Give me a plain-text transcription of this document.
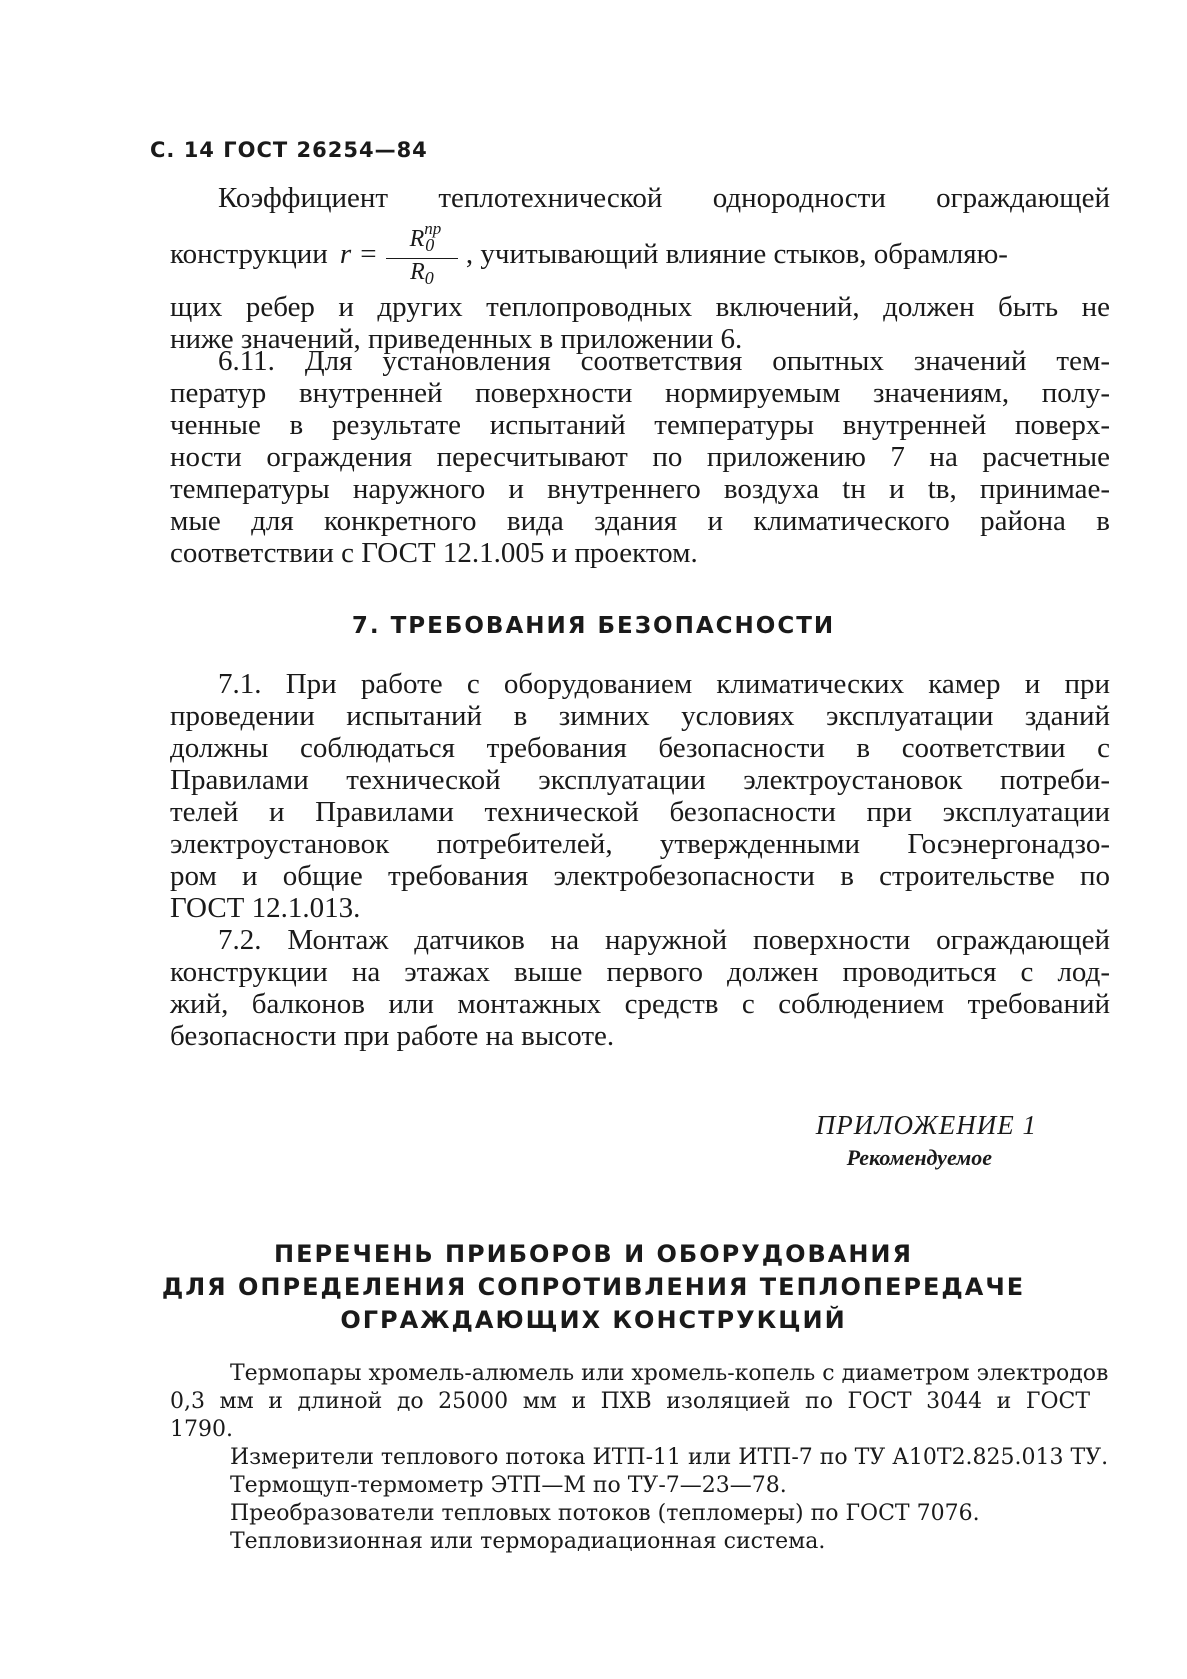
С. 14 ГОСТ 26254—84
Коэффициент теплотехнической однородности ограждающей
конструкции $r = \frac{R^{пр}_0}{R_0}$ , учитывающий влияние стыков, обрамляю-
щих ребер и других теплопроводных включений, должен быть не
ниже значений, приведенных в приложении 6.
6.11. Для установления соответствия опытных значений тем-
ператур внутренней поверхности нормируемым значениям, полу-
ченные в результате испытаний температуры внутренней поверх-
ности ограждения пересчитывают по приложению 7 на расчетные
температуры наружного и внутреннего воздуха tн и tв, принимае-
мые для конкретного вида здания и климатического района в
соответствии с ГОСТ 12.1.005 и проектом.
7. ТРЕБОВАНИЯ БЕЗОПАСНОСТИ
7.1. При работе с оборудованием климатических камер и при
проведении испытаний в зимних условиях эксплуатации зданий
должны соблюдаться требования безопасности в соответствии с
Правилами технической эксплуатации электроустановок потреби-
телей и Правилами технической безопасности при эксплуатации
электроустановок потребителей, утвержденными Госэнергонадзо-
ром и общие требования электробезопасности в строительстве по
ГОСТ 12.1.013.
7.2. Монтаж датчиков на наружной поверхности ограждающей
конструкции на этажах выше первого должен проводиться с лод-
жий, балконов или монтажных средств с соблюдением требований
безопасности при работе на высоте.
ПРИЛОЖЕНИЕ 1
Рекомендуемое
ПЕРЕЧЕНЬ ПРИБОРОВ И ОБОРУДОВАНИЯ
ДЛЯ ОПРЕДЕЛЕНИЯ СОПРОТИВЛЕНИЯ ТЕПЛОПЕРЕДАЧЕ
ОГРАЖДАЮЩИХ КОНСТРУКЦИЙ
Термопары хромель-алюмель или хромель-копель с диаметром электродов
0,3 мм и длиной до 25000 мм и ПХВ изоляцией по ГОСТ 3044 и ГОСТ
1790.
Измерители теплового потока ИТП-11 или ИТП-7 по ТУ А10Т2.825.013 ТУ.
Термощуп-термометр ЭТП—М по ТУ-7—23—78.
Преобразователи тепловых потоков (тепломеры) по ГОСТ 7076.
Тепловизионная или терморадиационная система.
